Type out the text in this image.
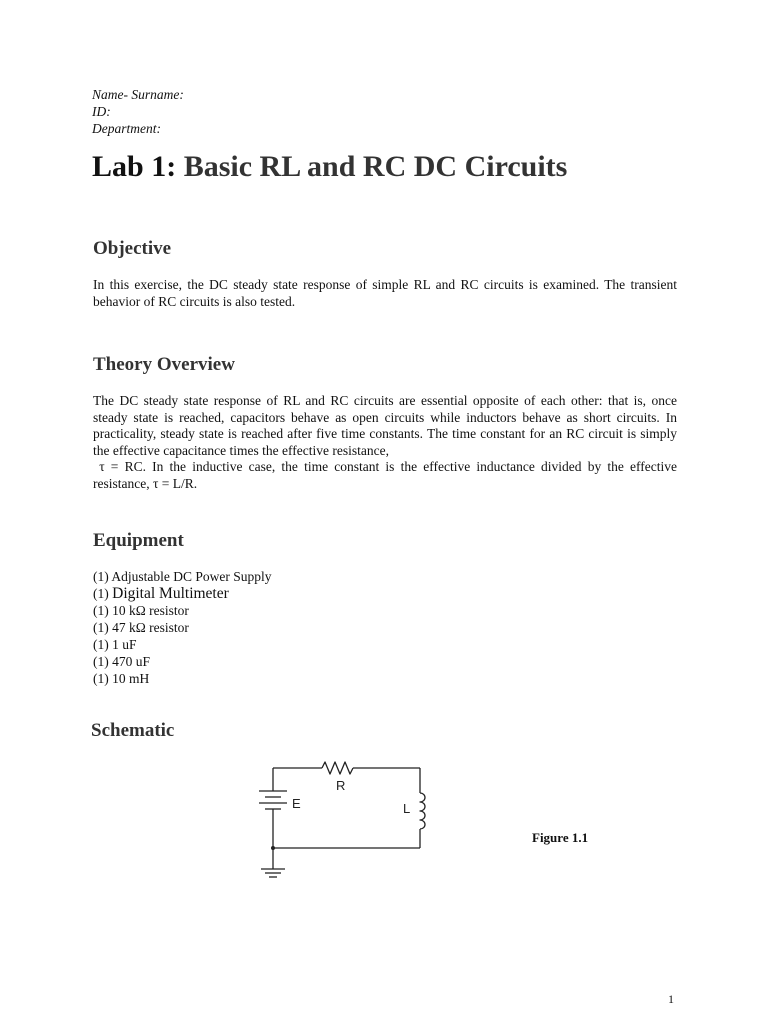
Name- Surname:
ID:
Department:
Lab 1: Basic RL and RC DC Circuits
Objective

In this exercise, the DC steady state response of simple RL and RC circuits is examined. The transient behavior of RC circuits is also tested.

Theory Overview

The DC steady state response of RL and RC circuits are essential opposite of each other: that is, once steady state is reached, capacitors behave as open circuits while inductors behave as short circuits. In practicality, steady state is reached after five time constants. The time constant for an RC circuit is simply the effective capacitance times the effective resistance,
τ = RC. In the inductive case, the time constant is the effective inductance divided by the effective resistance, τ = L/R.

Equipment
(1) Adjustable DC Power Supply
(1) Digital Multimeter
(1) 10 kΩ resistor
(1) 47 kΩ resistor
(1) 1 uF
(1) 470 uF
(1) 10 mH
Schematic
R
E	L
Figure 1.1
1
